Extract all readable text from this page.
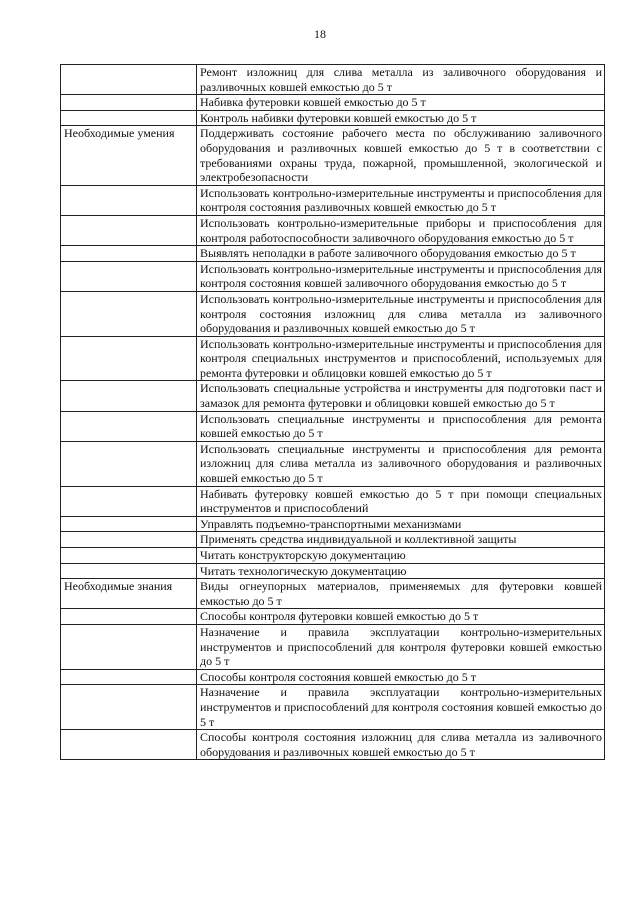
18
	Ремонт изложниц для слива металла из заливочного оборудования и разливочных ковшей емкостью до 5 т
	Набивка футеровки ковшей емкостью до 5 т
	Контроль набивки футеровки ковшей емкостью до 5 т
Необходимые умения	Поддерживать состояние рабочего места по обслуживанию заливочного оборудования и разливочных ковшей емкостью до 5 т в соответствии с требованиями охраны труда, пожарной, промышленной, экологической и электробезопасности
	Использовать контрольно-измерительные инструменты и приспособления для контроля состояния разливочных ковшей емкостью до 5 т
	Использовать контрольно-измерительные приборы и приспособления для контроля работоспособности заливочного оборудования емкостью до 5 т
	Выявлять неполадки в работе заливочного оборудования емкостью до 5 т
	Использовать контрольно-измерительные инструменты и приспособления для контроля состояния ковшей заливочного оборудования емкостью до 5 т
	Использовать контрольно-измерительные инструменты и приспособления для контроля состояния изложниц для слива металла из заливочного оборудования и разливочных ковшей емкостью до 5 т
	Использовать контрольно-измерительные инструменты и приспособления для контроля специальных инструментов и приспособлений, используемых для ремонта футеровки и облицовки ковшей емкостью до 5 т
	Использовать специальные устройства и инструменты для подготовки паст и замазок для ремонта футеровки и облицовки ковшей емкостью до 5 т
	Использовать специальные инструменты и приспособления для ремонта ковшей емкостью до 5 т
	Использовать специальные инструменты и приспособления для ремонта изложниц для слива металла из заливочного оборудования и разливочных ковшей емкостью до 5 т
	Набивать футеровку ковшей емкостью до 5 т при помощи специальных инструментов и приспособлений
	Управлять подъемно-транспортными механизмами
	Применять средства индивидуальной и коллективной защиты
	Читать конструкторскую документацию
	Читать технологическую документацию
Необходимые знания	Виды огнеупорных материалов, применяемых для футеровки ковшей емкостью до 5 т
	Способы контроля футеровки ковшей емкостью до 5 т
	Назначение и правила эксплуатации контрольно-измерительных инструментов и приспособлений для контроля футеровки ковшей емкостью до 5 т
	Способы контроля состояния ковшей емкостью до 5 т
	Назначение и правила эксплуатации контрольно-измерительных инструментов и приспособлений для контроля состояния ковшей емкостью до 5 т
	Способы контроля состояния изложниц для слива металла из заливочного оборудования и разливочных ковшей емкостью до 5 т
